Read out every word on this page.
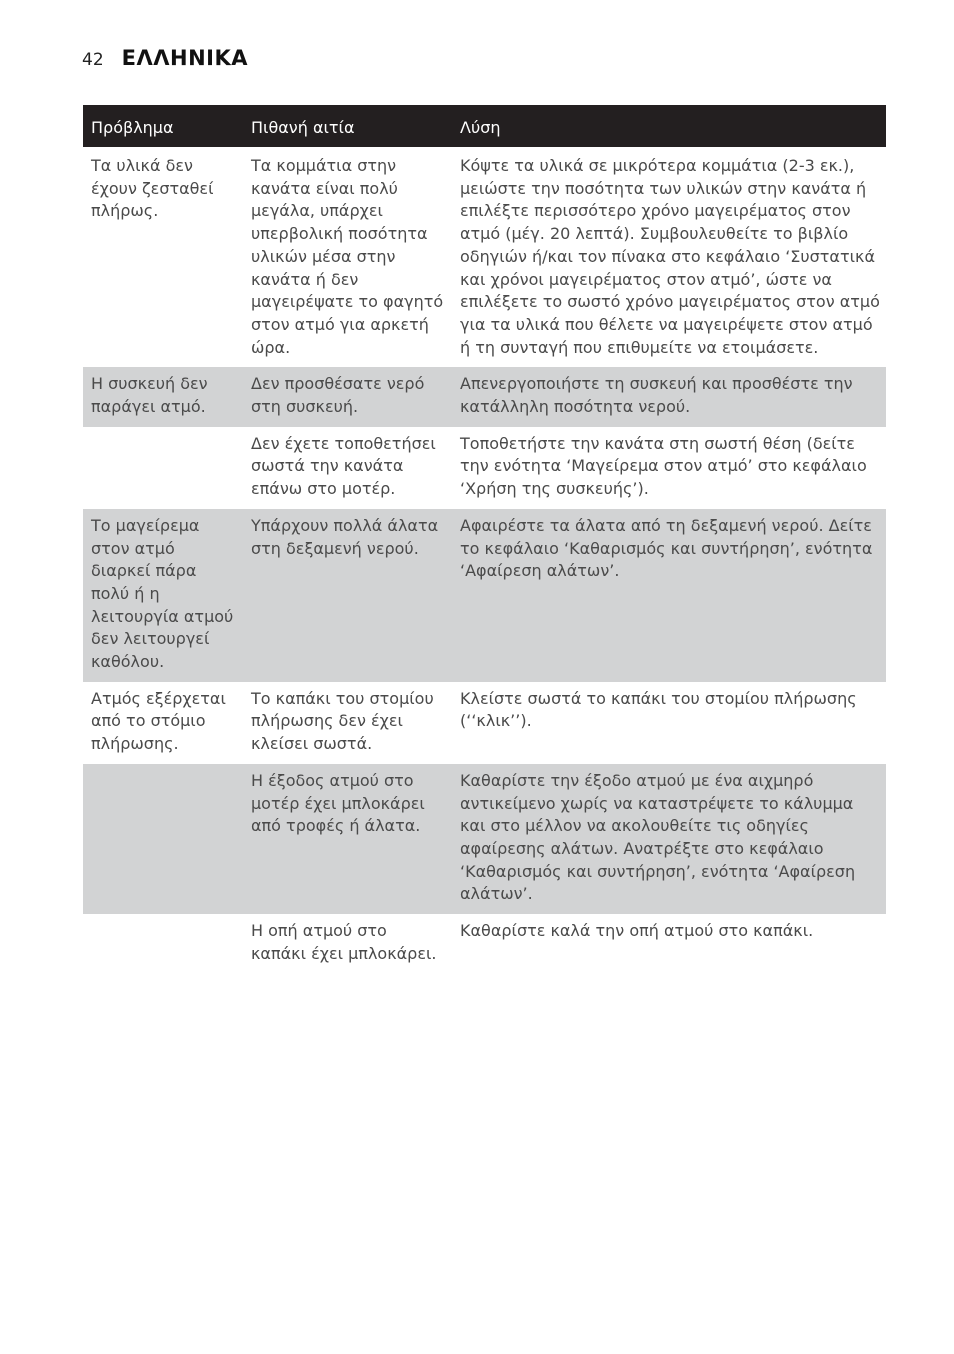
42 ΕΛΛΗΝΙΚΑ
Πρόβλημα	Πιθανή αιτία	Λύση

Τα υλικά δεν έχουν ζεσταθεί πλήρως.	Τα κομμάτια στην κανάτα είναι πολύ μεγάλα, υπάρχει υπερβολική ποσότητα υλικών μέσα στην κανάτα ή δεν μαγειρέψατε το φαγητό στον ατμό για αρκετή ώρα.	Κόψτε τα υλικά σε μικρότερα κομμάτια (2-3 εκ.), μειώστε την ποσότητα των υλικών στην κανάτα ή επιλέξτε περισσότερο χρόνο μαγειρέματος στον ατμό (μέγ. 20 λεπτά). Συμβουλευθείτε το βιβλίο οδηγιών ή/και τον πίνακα στο κεφάλαιο ‘Συστατικά και χρόνοι μαγειρέματος στον ατμό’, ώστε να επιλέξετε το σωστό χρόνο μαγειρέματος στον ατμό για τα υλικά που θέλετε να μαγειρέψετε στον ατμό ή τη συνταγή που επιθυμείτε να ετοιμάσετε.
Η συσκευή δεν παράγει ατμό.	Δεν προσθέσατε νερό στη συσκευή.	Απενεργοποιήστε τη συσκευή και προσθέστε την κατάλληλη ποσότητα νερού.
	Δεν έχετε τοποθετήσει σωστά την κανάτα επάνω στο μοτέρ.	Τοποθετήστε την κανάτα στη σωστή θέση (δείτε την ενότητα ‘Μαγείρεμα στον ατμό’ στο κεφάλαιο ‘Χρήση της συσκευής’).
Το μαγείρεμα στον ατμό διαρκεί πάρα πολύ ή η λειτουργία ατμού δεν λειτουργεί καθόλου.	Υπάρχουν πολλά άλατα στη δεξαμενή νερού.	Αφαιρέστε τα άλατα από τη δεξαμενή νερού. Δείτε το κεφάλαιο ‘Καθαρισμός και συντήρηση’, ενότητα ‘Αφαίρεση αλάτων’.
Ατμός εξέρχεται από το στόμιο πλήρωσης.	Το καπάκι του στομίου πλήρωσης δεν έχει κλείσει σωστά.	Κλείστε σωστά το καπάκι του στομίου πλήρωσης (‘‘κλικ’’).
	Η έξοδος ατμού στο μοτέρ έχει μπλοκάρει από τροφές ή άλατα.	Καθαρίστε την έξοδο ατμού με ένα αιχμηρό αντικείμενο χωρίς να καταστρέψετε το κάλυμμα και στο μέλλον να ακολουθείτε τις οδηγίες αφαίρεσης αλάτων. Ανατρέξτε στο κεφάλαιο ‘Καθαρισμός και συντήρηση’, ενότητα ‘Αφαίρεση αλάτων’.
	Η οπή ατμού στο καπάκι έχει μπλοκάρει.	Καθαρίστε καλά την οπή ατμού στο καπάκι.
